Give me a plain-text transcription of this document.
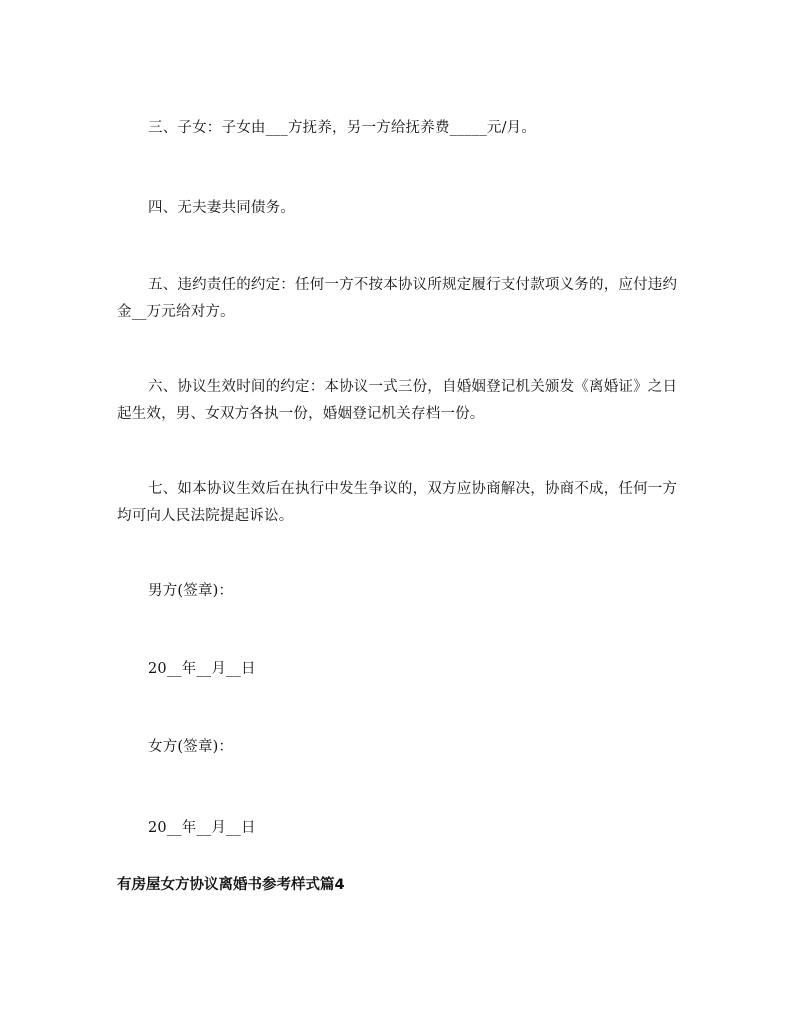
三、子女：子女由___方抚养，另一方给抚养费_____元/月。

四、无夫妻共同债务。

五、违约责任的约定：任何一方不按本协议所规定履行支付款项义务的，应付违约金__万元给对方。

六、协议生效时间的约定：本协议一式三份，自婚姻登记机关颁发《离婚证》之日起生效，男、女双方各执一份，婚姻登记机关存档一份。

七、如本协议生效后在执行中发生争议的，双方应协商解决，协商不成，任何一方均可向人民法院提起诉讼。

男方(签章)：

20__年__月__日

女方(签章)：

20__年__月__日

有房屋女方协议离婚书参考样式篇4
